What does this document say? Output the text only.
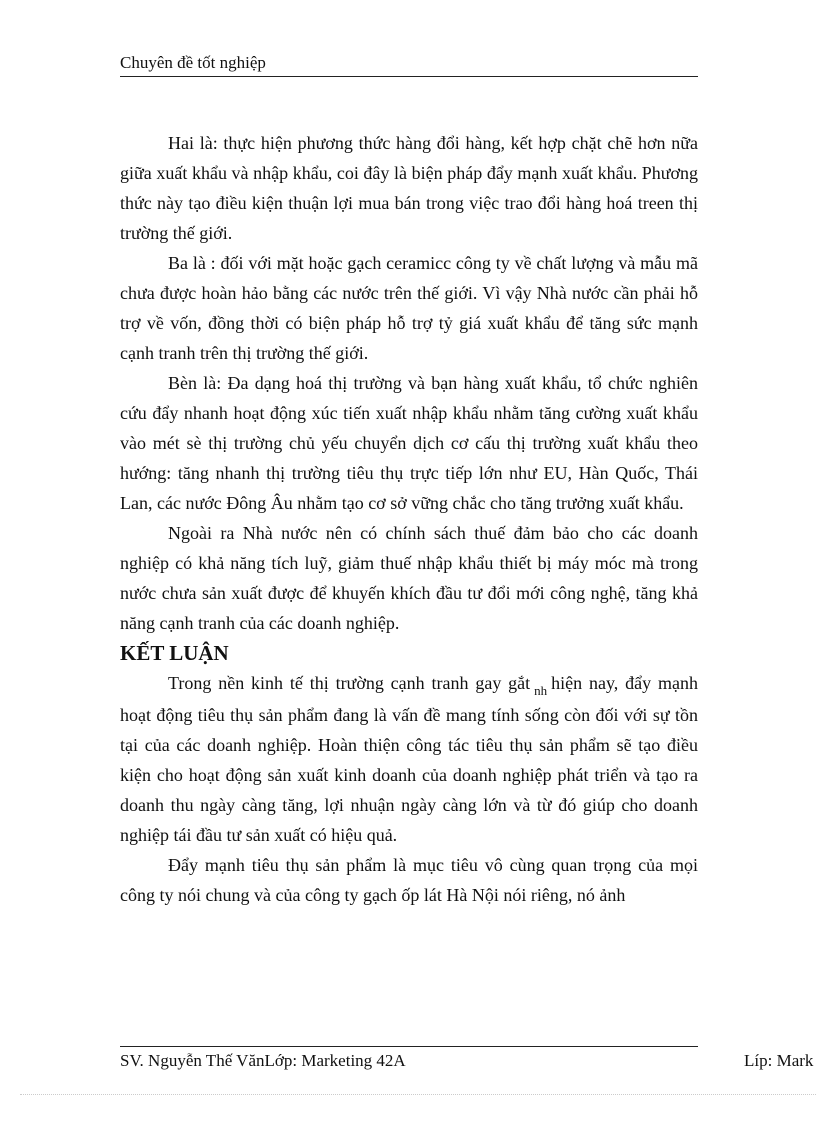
Chuyên đề tốt nghiệp

Hai là: thực hiện phương thức hàng đổi hàng, kết hợp chặt chẽ hơn nữa giữa xuất khẩu và nhập khẩu, coi đây là biện pháp đẩy mạnh xuất khẩu. Phương thức này tạo điều kiện thuận lợi mua bán trong việc trao đổi hàng hoá treen thị trường thế giới.

Ba là : đối với mặt hoặc gạch ceramicc công ty về chất lượng và mẫu mã chưa được hoàn hảo bằng các nước trên thế giới. Vì vậy Nhà nước cần phải hỗ trợ về vốn, đồng thời có biện pháp hỗ trợ tỷ giá xuất khẩu để tăng sức mạnh cạnh tranh trên thị trường thế giới.

Bèn là: Đa dạng hoá thị trường và bạn hàng xuất khẩu, tổ chức nghiên cứu đẩy nhanh hoạt động xúc tiến xuất nhập khẩu nhằm tăng cường xuất khẩu vào mét sè thị trường chủ yếu chuyển dịch cơ cấu thị trường xuất khẩu theo hướng: tăng nhanh thị trường tiêu thụ trực tiếp lớn như EU, Hàn Quốc, Thái Lan, các nước Đông Âu nhằm tạo cơ sở vững chắc cho tăng trưởng xuất khẩu.

Ngoài ra Nhà nước nên có chính sách thuế đảm bảo cho các doanh nghiệp có khả năng tích luỹ, giảm thuế nhập khẩu thiết bị máy móc mà trong nước chưa sản xuất được để khuyến khích đầu tư đổi mới công nghệ, tăng khả năng cạnh tranh của các doanh nghiệp.

KẾT LUẬN

Trong nền kinh tế thị trường cạnh tranh gay gắt $_{nh}$ hiện nay, đẩy mạnh hoạt động tiêu thụ sản phẩm đang là vấn đề mang tính sống còn đối với sự tồn tại của các doanh nghiệp. Hoàn thiện công tác tiêu thụ sản phẩm sẽ tạo điều kiện cho hoạt động sản xuất kinh doanh của doanh nghiệp phát triển và tạo ra doanh thu ngày càng tăng, lợi nhuận ngày càng lớn và từ đó giúp cho doanh nghiệp tái đầu tư sản xuất có hiệu quả.

Đẩy mạnh tiêu thụ sản phẩm là mục tiêu vô cùng quan trọng của mọi công ty nói chung và của công ty gạch ốp lát Hà Nội nói riêng, nó ảnh

SV. Nguyễn Thế VănLớp: Marketing 42A	Líp: Mark
